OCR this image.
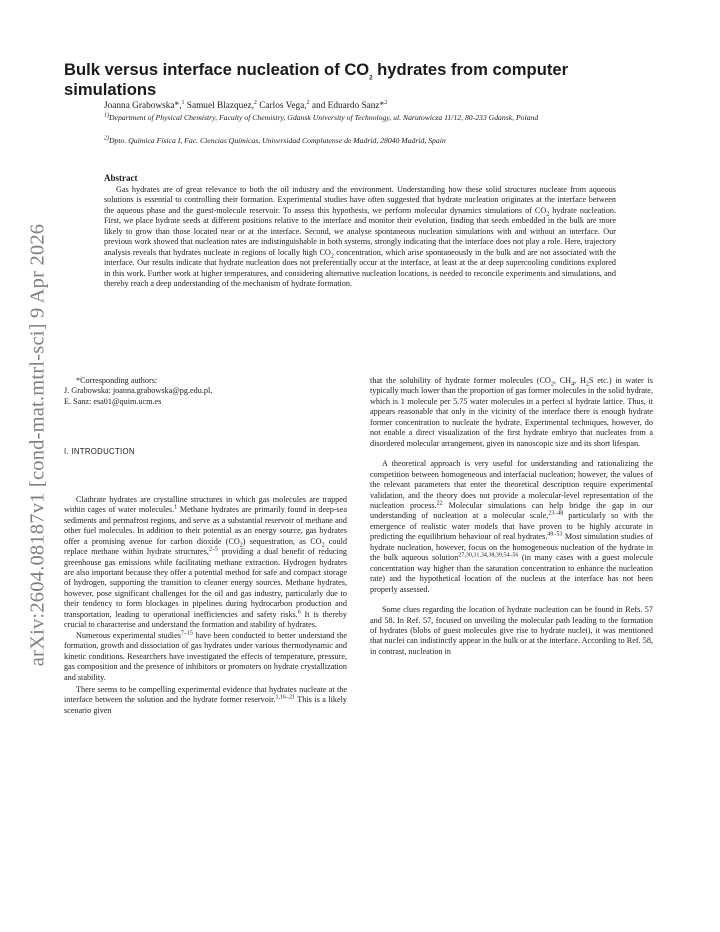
arXiv:2604.08187v1 [cond-mat.mtrl-sci] 9 Apr 2026
Bulk versus interface nucleation of $CO_2$ hydrates from computer simulations
Joanna Grabowska*,$^1$ Samuel Blazquez,$^2$ Carlos Vega,$^2$ and Eduardo Sanz*$^2$
$^{1)}$Department of Physical Chemistry, Faculty of Chemistry, Gdansk University of Technology, ul. Narutowicza 11/12, 80-233 Gdansk, Poland
$^{2)}$Dpto. Química Física I, Fac. Ciencias Químicas, Universidad Complutense de Madrid, 28040 Madrid, Spain
Abstract

Gas hydrates are of great relevance to both the oil industry and the environment. Understanding how these solid structures nucleate from aqueous solutions is essential to controlling their formation. Experimental studies have often suggested that hydrate nucleation originates at the interface between the aqueous phase and the guest-molecule reservoir. To assess this hypothesis, we perform molecular dynamics simulations of $CO_2$ hydrate nucleation. First, we place hydrate seeds at different positions relative to the interface and monitor their evolution, finding that seeds embedded in the bulk are more likely to grow than those located near or at the interface. Second, we analyse spontaneous nucleation simulations with and without an interface. Our previous work showed that nucleation rates are indistinguishable in both systems, strongly indicating that the interface does not play a role. Here, trajectory analysis reveals that hydrates nucleate in regions of locally high $CO_2$ concentration, which arise spontaneously in the bulk and are not associated with the interface. Our results indicate that hydrate nucleation does not preferentially occur at the interface, at least at the at deep supercooling conditions explored in this work. Further work at higher temperatures, and considering alternative nucleation locations, is needed to reconcile experiments and simulations, and thereby reach a deep understanding of the mechanism of hydrate formation.

*Corresponding authors:

J. Grabowska: joanna.grabowska@pg.edu.pl,

E. Sanz: esa01@quim.ucm.es

I. INTRODUCTION

Clathrate hydrates are crystalline structures in which gas molecules are trapped within cages of water molecules.$^1$ Methane hydrates are primarily found in deep-sea sediments and permafrost regions, and serve as a substantial reservoir of methane and other fuel molecules. In addition to their potential as an energy source, gas hydrates offer a promising avenue for carbon dioxide $(CO_2)$ sequestration, as $CO_2$ could replace methane within hydrate structures,$^{2-5}$ providing a dual benefit of reducing greenhouse gas emissions while facilitating methane extraction. Hydrogen hydrates are also important because they offer a potential method for safe and compact storage of hydrogen, supporting the transition to cleaner energy sources. Methane hydrates, however, pose significant challenges for the oil and gas industry, particularly due to their tendency to form blockages in pipelines during hydrocarbon production and transportation, leading to operational inefficiencies and safety risks.$^6$ It is thereby crucial to characterise and understand the formation and stability of hydrates.

Numerous experimental studies$^{7-15}$ have been conducted to better understand the formation, growth and dissociation of gas hydrates under various thermodynamic and kinetic conditions. Researchers have investigated the effects of temperature, pressure, gas composition and the presence of inhibitors or promoters on hydrate crystallization and stability.

There seems to be compelling experimental evidence that hydrates nucleate at the interface between the solution and the hydrate former reservoir.$^{1,16-21}$ This is a likely scenario given

that the solubility of hydrate former molecules ($CO_2$, $CH_4$, $H_2S$ etc.) in water is typically much lower than the proportion of gas former molecules in the solid hydrate, which is 1 molecule per 5.75 water molecules in a perfect sI hydrate lattice. Thus, it appears reasonable that only in the vicinity of the interface there is enough hydrate former concentration to nucleate the hydrate. Experimental techniques, however, do not enable a direct visualization of the first hydrate embryo that nucleates from a disordered molecular arrangement, given its nanoscopic size and its short lifespan.

A theoretical approach is very useful for understanding and rationalizing the competition between homogeneous and interfacial nucleation; however, the values of the relevant parameters that enter the theoretical description require experimental validation, and the theory does not provide a molecular-level representation of the nucleation process.$^{22}$ Molecular simulations can help bridge the gap in our understanding of nucleation at a molecular scale,$^{23-48}$ particularly so with the emergence of realistic water models that have proven to be highly accurate in predicting the equilibrium behaviour of real hydrates.$^{49-53}$ Most simulation studies of hydrate nucleation, however, focus on the homogeneous nucleation of the hydrate in the bulk aqueous solution$^{27,30,31,34,38,39,54-56}$ (in many cases with a guest molecule concentration way higher than the saturation concentration to enhance the nucleation rate) and the hypothetical location of the nucleus at the interface has not been properly assessed.

Some clues regarding the location of hydrate nucleation can be found in Refs. 57 and 58. In Ref. 57, focused on unveiling the molecular path leading to the formation of hydrates (blobs of guest molecules give rise to hydrate nuclei), it was mentioned that nuclei can indistinctly appear in the bulk or at the interface. According to Ref. 58, in contrast, nucleation in
